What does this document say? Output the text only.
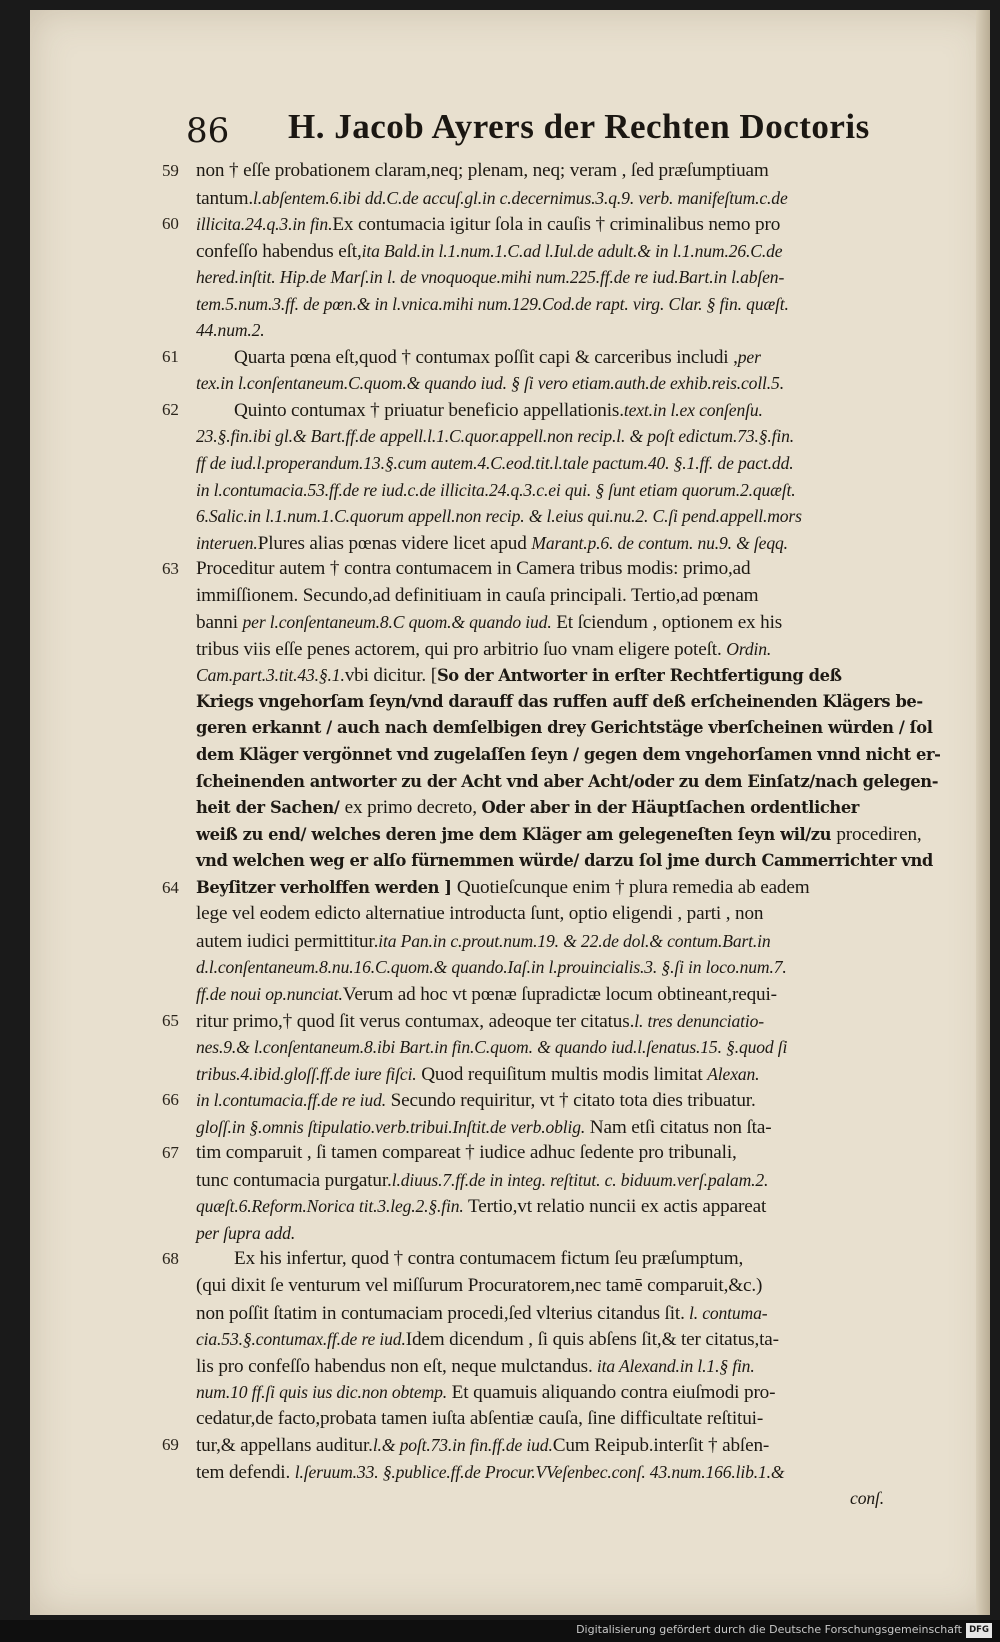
86 H. Jacob Ayrers der Rechten Doctoris
59 non † eſſe probationem claram,neq; plenam, neq; veram , ſed præſumptiuam
tantum.l.abſentem.6.ibi dd.C.de accuſ.gl.in c.decernimus.3.q.9. verb. manifeſtum.c.de
60 illicita.24.q.3.in fin.Ex contumacia igitur ſola in cauſis † criminalibus nemo pro
confeſſo habendus eſt,ita Bald.in l.1.num.1.C.ad l.Iul.de adult.& in l.1.num.26.C.de
hered.inſtit. Hip.de Marſ.in l. de vnoquoque.mihi num.225.ff.de re iud.Bart.in l.abſen-
tem.5.num.3.ff. de pœn.& in l.vnica.mihi num.129.Cod.de rapt. virg. Clar. § fin. quæſt.
44.num.2.
61	Quarta pœna eſt,quod † contumax poſſit capi & carceribus includi ,per
tex.in l.conſentaneum.C.quom.& quando iud. § ſi vero etiam.auth.de exhib.reis.coll.5.
62	Quinto contumax † priuatur beneficio appellationis.text.in l.ex conſenſu.
23.§.fin.ibi gl.& Bart.ff.de appell.l.1.C.quor.appell.non recip.l. & poſt edictum.73.§.fin.
ff de iud.l.properandum.13.§.cum autem.4.C.eod.tit.l.tale pactum.40. §.1.ff. de pact.dd.
in l.contumacia.53.ff.de re iud.c.de illicita.24.q.3.c.ei qui. § ſunt etiam quorum.2.quæſt.
6.Salic.in l.1.num.1.C.quorum appell.non recip. & l.eius qui.nu.2. C.ſi pend.appell.mors
interuen.Plures alias pœnas videre licet apud Marant.p.6. de contum. nu.9. & ſeqq.
63 Proceditur autem † contra contumacem in Camera tribus modis: primo,ad
immiſſionem. Secundo,ad definitiuam in cauſa principali. Tertio,ad pœnam
banni per l.conſentaneum.8.C quom.& quando iud. Et ſciendum , optionem ex his
tribus viis eſſe penes actorem, qui pro arbitrio ſuo vnam eligere poteſt. Ordin.
Cam.part.3.tit.43.§.1.vbi dicitur. [So der Antworter in erſter Rechtfertigung deß
Kriegs vngehorſam ſeyn/vnd darauff das ruffen auff deß erſcheinenden Klägers be-
geren erkannt / auch nach demſelbigen drey Gerichtstäge vberſcheinen würden / ſol
dem Kläger vergönnet vnd zugelaſſen ſeyn / gegen dem vngehorſamen vnnd nicht er-
ſcheinenden antworter zu der Acht vnd aber Acht/oder zu dem Einſatz/nach gelegen-
heit der Sachen/ ex primo decreto, Oder aber in der Häuptſachen ordentlicher
weiß zu end/ welches deren jme dem Kläger am gelegeneſten ſeyn wil/zu procediren,
vnd welchen weg er alſo fürnemmen würde/ darzu ſol jme durch Cammerrichter vnd
64 Beyſitzer verholffen werden ] Quotieſcunque enim † plura remedia ab eadem
lege vel eodem edicto alternatiue introducta ſunt, optio eligendi , parti , non
autem iudici permittitur.ita Pan.in c.prout.num.19. & 22.de dol.& contum.Bart.in
d.l.conſentaneum.8.nu.16.C.quom.& quando.Iaſ.in l.prouincialis.3. §.ſi in loco.num.7.
ff.de noui op.nunciat.Verum ad hoc vt pœnæ ſupradictæ locum obtineant,requi-
65 ritur primo,† quod ſit verus contumax, adeoque ter citatus.l. tres denunciatio-
nes.9.& l.conſentaneum.8.ibi Bart.in fin.C.quom. & quando iud.l.ſenatus.15. §.quod ſi
tribus.4.ibid.gloſſ.ff.de iure fiſci. Quod requiſitum multis modis limitat Alexan.
66 in l.contumacia.ff.de re iud. Secundo requiritur, vt † citato tota dies tribuatur.
gloſſ.in §.omnis ſtipulatio.verb.tribui.Inſtit.de verb.oblig. Nam etſi citatus non ſta-
67 tim comparuit , ſi tamen compareat † iudice adhuc ſedente pro tribunali,
tunc contumacia purgatur.l.diuus.7.ff.de in integ. reſtitut. c. biduum.verſ.palam.2.
quæſt.6.Reform.Norica tit.3.leg.2.§.fin. Tertio,vt relatio nuncii ex actis appareat
per ſupra add.
68	Ex his infertur, quod † contra contumacem fictum ſeu præſumptum,
(qui dixit ſe venturum vel miſſurum Procuratorem,nec tamē comparuit,&c.)
non poſſit ſtatim in contumaciam procedi,ſed vlterius citandus ſit. l. contuma-
cia.53.§.contumax.ff.de re iud.Idem dicendum , ſi quis abſens ſit,& ter citatus,ta-
lis pro confeſſo habendus non eſt, neque mulctandus. ita Alexand.in l.1.§ fin.
num.10 ff.ſi quis ius dic.non obtemp. Et quamuis aliquando contra eiuſmodi pro-
cedatur,de facto,probata tamen iuſta abſentiæ cauſa, ſine difficultate reſtitui-
69 tur,& appellans auditur.l.& poſt.73.in fin.ff.de iud.Cum Reipub.interſit † abſen-
tem defendi. l.ſeruum.33. §.publice.ff.de Procur.VVeſenbec.conſ. 43.num.166.lib.1.&
conſ.
Digitalisierung gefördert durch die Deutsche Forschungsgemeinschaft DFG
